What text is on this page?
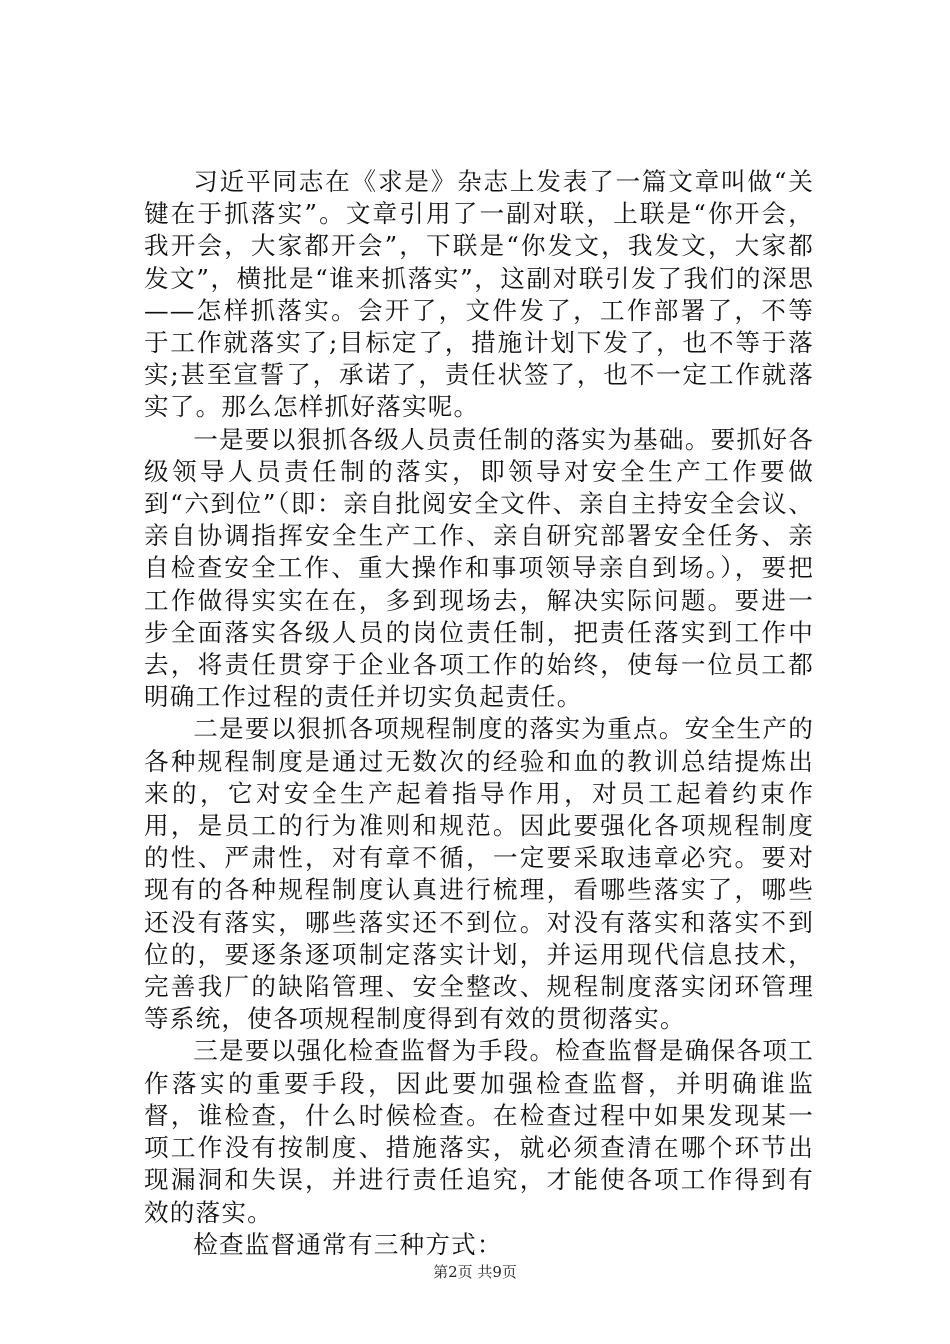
习近平同志在《求是》杂志上发表了一篇文章叫做“关键在于抓落实”。文章引用了一副对联，上联是“你开会，我开会，大家都开会”，下联是“你发文，我发文，大家都发文”，横批是“谁来抓落实”，这副对联引发了我们的深思——怎样抓落实。会开了，文件发了，工作部署了，不等于工作就落实了;目标定了，措施计划下发了，也不等于落实;甚至宣誓了，承诺了，责任状签了，也不一定工作就落实了。那么怎样抓好落实呢。

一是要以狠抓各级人员责任制的落实为基础。要抓好各级领导人员责任制的落实，即领导对安全生产工作要做到“六到位”（即：亲自批阅安全文件、亲自主持安全会议、亲自协调指挥安全生产工作、亲自研究部署安全任务、亲自检查安全工作、重大操作和事项领导亲自到场。），要把工作做得实实在在，多到现场去，解决实际问题。要进一步全面落实各级人员的岗位责任制，把责任落实到工作中去，将责任贯穿于企业各项工作的始终，使每一位员工都明确工作过程的责任并切实负起责任。

二是要以狠抓各项规程制度的落实为重点。安全生产的各种规程制度是通过无数次的经验和血的教训总结提炼出来的，它对安全生产起着指导作用，对员工起着约束作用，是员工的行为准则和规范。因此要强化各项规程制度的性、严肃性，对有章不循，一定要采取违章必究。要对现有的各种规程制度认真进行梳理，看哪些落实了，哪些还没有落实，哪些落实还不到位。对没有落实和落实不到位的，要逐条逐项制定落实计划，并运用现代信息技术，完善我厂的缺陷管理、安全整改、规程制度落实闭环管理等系统，使各项规程制度得到有效的贯彻落实。

三是要以强化检查监督为手段。检查监督是确保各项工作落实的重要手段，因此要加强检查监督，并明确谁监督，谁检查，什么时候检查。在检查过程中如果发现某一项工作没有按制度、措施落实，就必须查清在哪个环节出现漏洞和失误，并进行责任追究，才能使各项工作得到有效的落实。

检查监督通常有三种方式：

第2页 共9页
